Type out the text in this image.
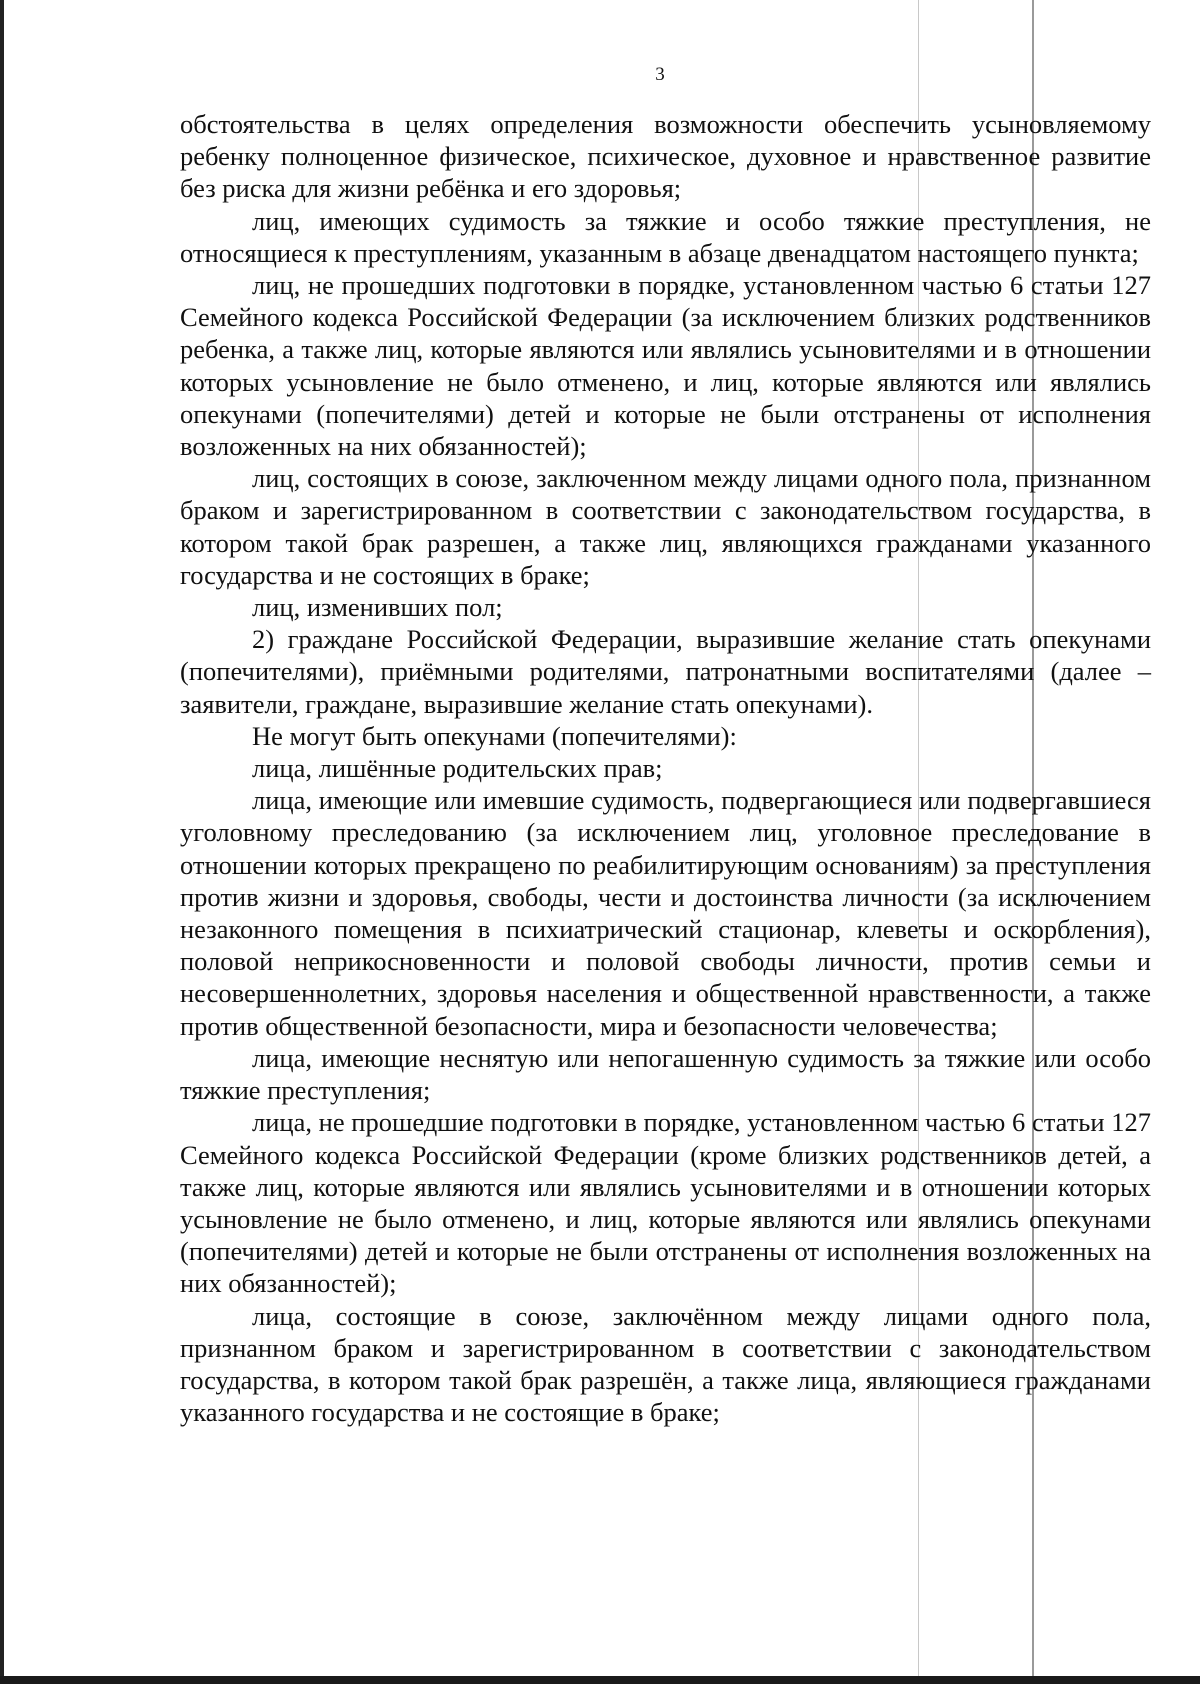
3

обстоятельства в целях определения возможности обеспечить усыновляемому ребенку полноценное физическое, психическое, духовное и нравственное развитие без риска для жизни ребёнка и его здоровья;

лиц, имеющих судимость за тяжкие и особо тяжкие преступления, не относящиеся к преступлениям, указанным в абзаце двенадцатом настоящего пункта;

лиц, не прошедших подготовки в порядке, установленном частью 6 статьи 127 Семейного кодекса Российской Федерации (за исключением близких родственников ребенка, а также лиц, которые являются или являлись усыновителями и в отношении которых усыновление не было отменено, и лиц, которые являются или являлись опекунами (попечителями) детей и которые не были отстранены от исполнения возложенных на них обязанностей);

лиц, состоящих в союзе, заключенном между лицами одного пола, признанном браком и зарегистрированном в соответствии с законодательством государства, в котором такой брак разрешен, а также лиц, являющихся гражданами указанного государства и не состоящих в браке;

лиц, изменивших пол;

2) граждане Российской Федерации, выразившие желание стать опекунами (попечителями), приёмными родителями, патронатными воспитателями (далее – заявители, граждане, выразившие желание стать опекунами).

Не могут быть опекунами (попечителями):

лица, лишённые родительских прав;

лица, имеющие или имевшие судимость, подвергающиеся или подвергавшиеся уголовному преследованию (за исключением лиц, уголовное преследование в отношении которых прекращено по реабилитирующим основаниям) за преступления против жизни и здоровья, свободы, чести и достоинства личности (за исключением незаконного помещения в психиатрический стационар, клеветы и оскорбления), половой неприкосновенности и половой свободы личности, против семьи и несовершеннолетних, здоровья населения и общественной нравственности, а также против общественной безопасности, мира и безопасности человечества;

лица, имеющие неснятую или непогашенную судимость за тяжкие или особо тяжкие преступления;

лица, не прошедшие подготовки в порядке, установленном частью 6 статьи 127 Семейного кодекса Российской Федерации (кроме близких родственников детей, а также лиц, которые являются или являлись усыновителями и в отношении которых усыновление не было отменено, и лиц, которые являются или являлись опекунами (попечителями) детей и которые не были отстранены от исполнения возложенных на них обязанностей);

лица, состоящие в союзе, заключённом между лицами одного пола, признанном браком и зарегистрированном в соответствии с законодательством государства, в котором такой брак разрешён, а также лица, являющиеся гражданами указанного государства и не состоящие в браке;
